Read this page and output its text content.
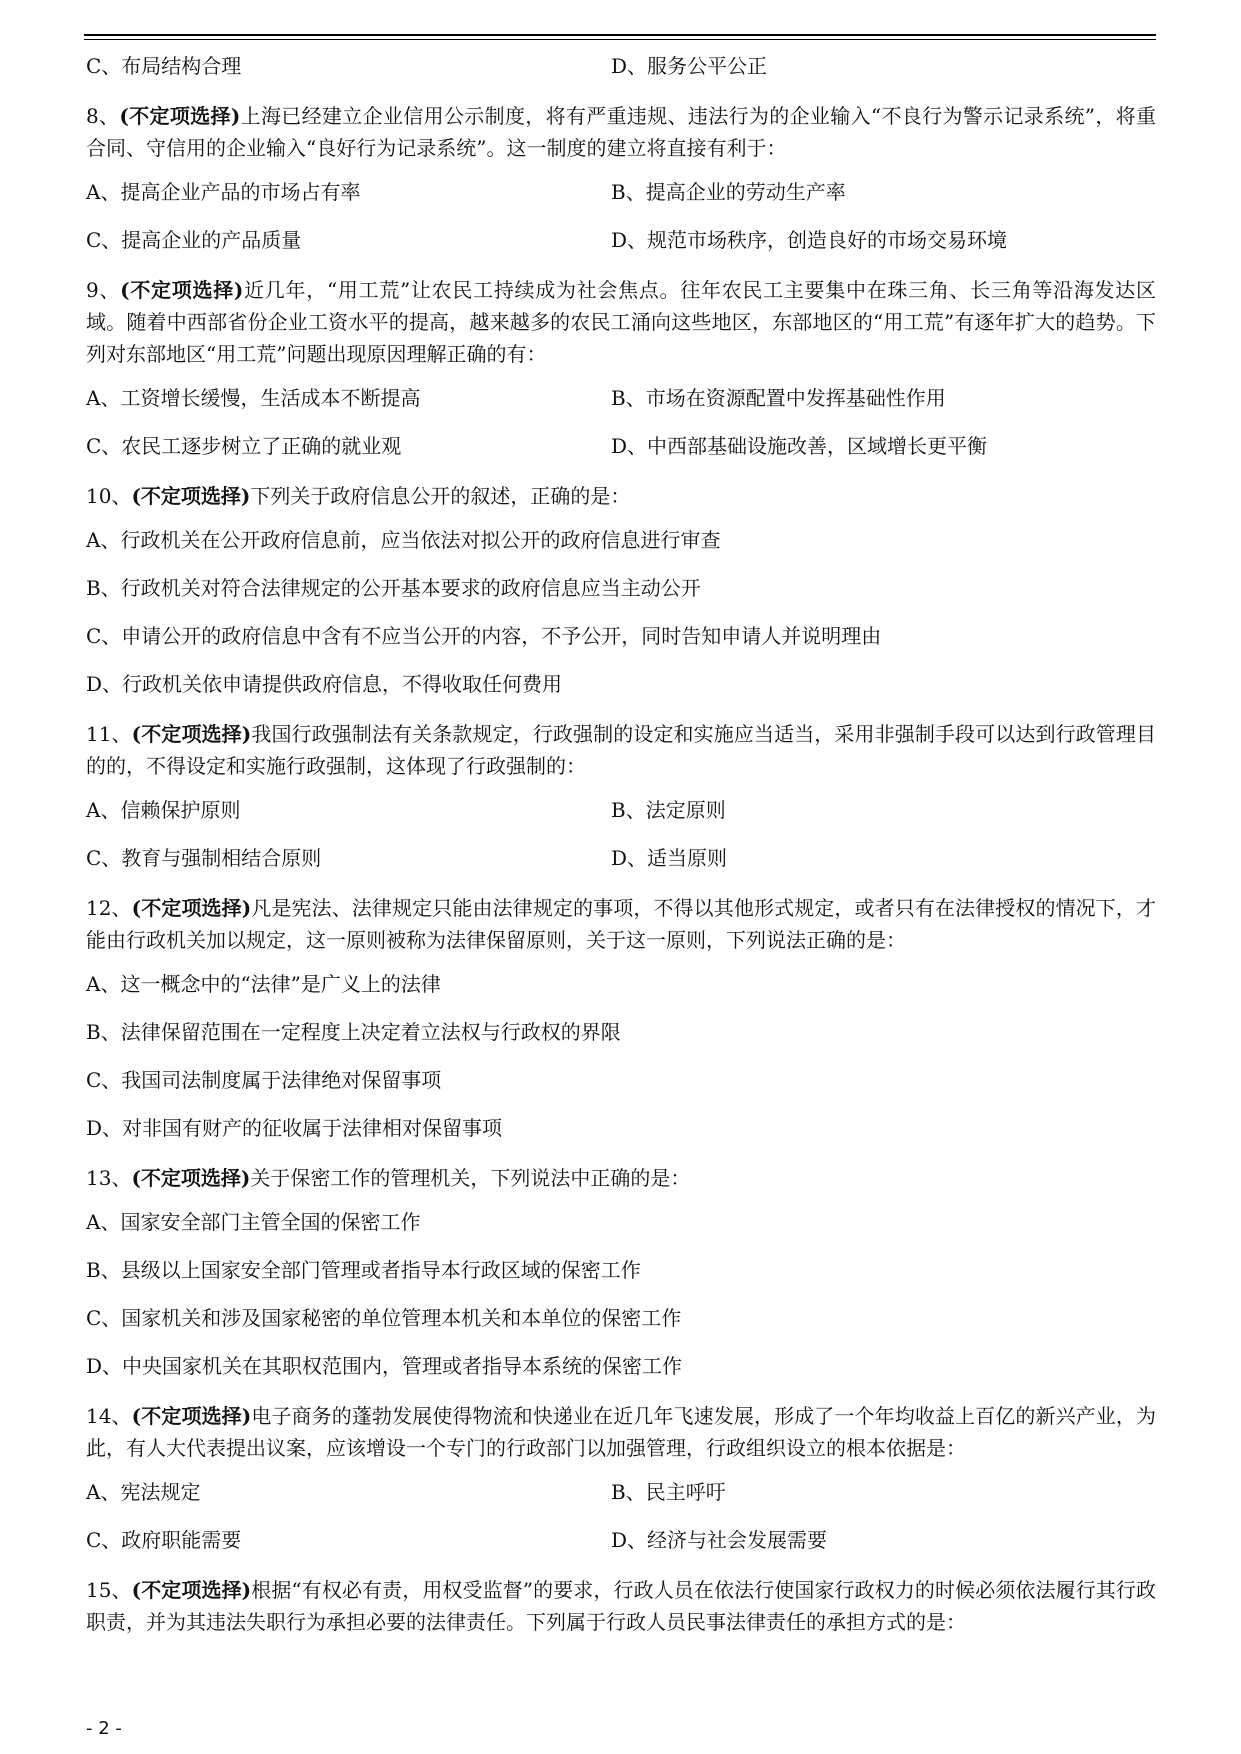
C、布局结构合理	D、服务公平公正
8、(不定项选择)上海已经建立企业信用公示制度，将有严重违规、违法行为的企业输入“不良行为警示记录系统”，将重合同、守信用的企业输入“良好行为记录系统”。这一制度的建立将直接有利于：
A、提高企业产品的市场占有率	B、提高企业的劳动生产率
C、提高企业的产品质量	D、规范市场秩序，创造良好的市场交易环境
9、(不定项选择)近几年，“用工荒”让农民工持续成为社会焦点。往年农民工主要集中在珠三角、长三角等沿海发达区域。随着中西部省份企业工资水平的提高，越来越多的农民工涌向这些地区，东部地区的“用工荒”有逐年扩大的趋势。下列对东部地区“用工荒”问题出现原因理解正确的有：
A、工资增长缓慢，生活成本不断提高	B、市场在资源配置中发挥基础性作用
C、农民工逐步树立了正确的就业观	D、中西部基础设施改善，区域增长更平衡
10、(不定项选择)下列关于政府信息公开的叙述，正确的是：
A、行政机关在公开政府信息前，应当依法对拟公开的政府信息进行审查
B、行政机关对符合法律规定的公开基本要求的政府信息应当主动公开
C、申请公开的政府信息中含有不应当公开的内容，不予公开，同时告知申请人并说明理由
D、行政机关依申请提供政府信息，不得收取任何费用
11、(不定项选择)我国行政强制法有关条款规定，行政强制的设定和实施应当适当，采用非强制手段可以达到行政管理目的的，不得设定和实施行政强制，这体现了行政强制的：
A、信赖保护原则	B、法定原则
C、教育与强制相结合原则	D、适当原则
12、(不定项选择)凡是宪法、法律规定只能由法律规定的事项，不得以其他形式规定，或者只有在法律授权的情况下，才能由行政机关加以规定，这一原则被称为法律保留原则，关于这一原则，下列说法正确的是：
A、这一概念中的“法律”是广义上的法律
B、法律保留范围在一定程度上决定着立法权与行政权的界限
C、我国司法制度属于法律绝对保留事项
D、对非国有财产的征收属于法律相对保留事项
13、(不定项选择)关于保密工作的管理机关，下列说法中正确的是：
A、国家安全部门主管全国的保密工作
B、县级以上国家安全部门管理或者指导本行政区域的保密工作
C、国家机关和涉及国家秘密的单位管理本机关和本单位的保密工作
D、中央国家机关在其职权范围内，管理或者指导本系统的保密工作
14、(不定项选择)电子商务的蓬勃发展使得物流和快递业在近几年飞速发展，形成了一个年均收益上百亿的新兴产业，为此，有人大代表提出议案，应该增设一个专门的行政部门以加强管理，行政组织设立的根本依据是：
A、宪法规定	B、民主呼吁
C、政府职能需要	D、经济与社会发展需要
15、(不定项选择)根据“有权必有责，用权受监督”的要求，行政人员在依法行使国家行政权力的时候必须依法履行其行政职责，并为其违法失职行为承担必要的法律责任。下列属于行政人员民事法律责任的承担方式的是：
- 2 -
